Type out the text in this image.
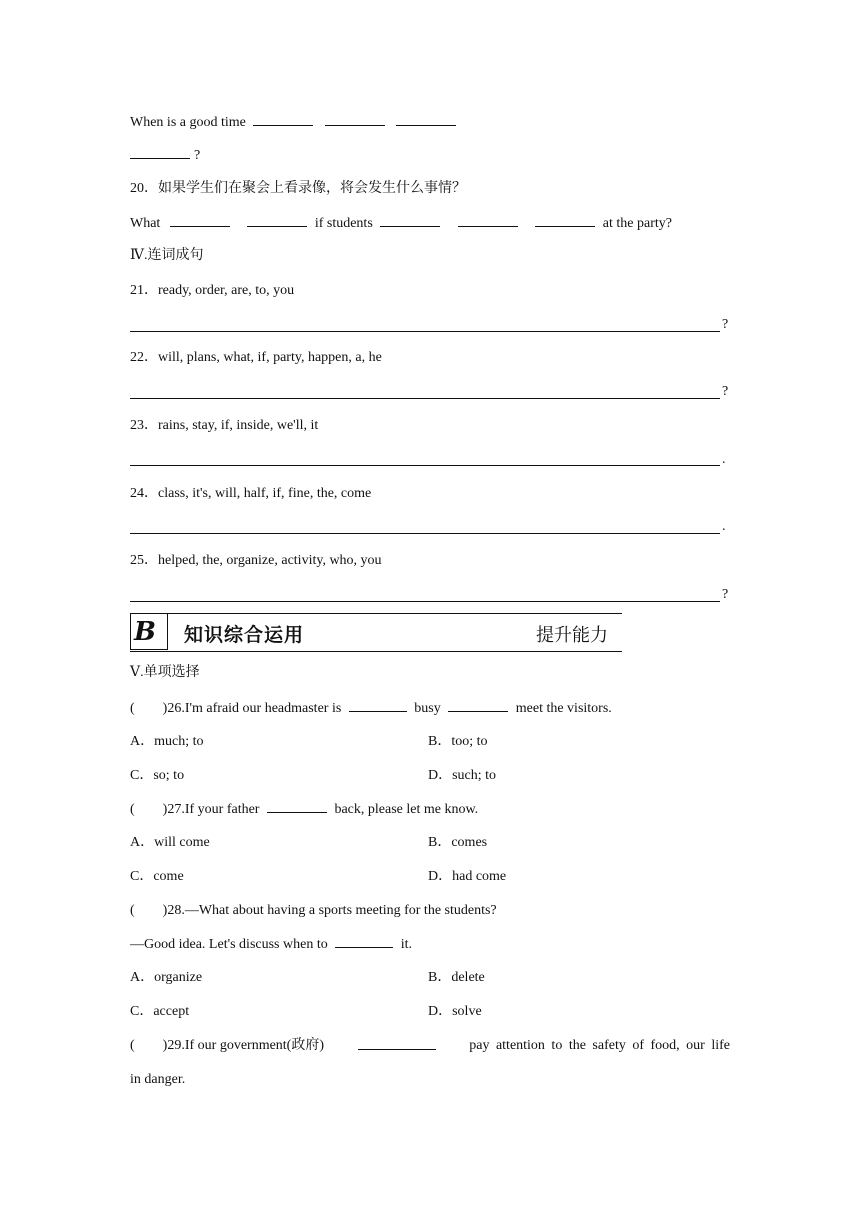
When is a good time
?
20．如果学生们在聚会上看录像，将会发生什么事情？
What	if students	at the party?
Ⅳ.连词成句
21．ready, order, are, to, you
?
22．will, plans, what, if, party, happen, a, he
?
23．rains, stay, if, inside, we'll, it
.
24．class, it's, will, half, if, fine, the, come
.
25．helped, the, organize, activity, who, you
?
B 知识综合运用	提升能力
Ⅴ.单项选择
(        )26.I'm afraid our headmaster is	busy	meet the visitors.
A．much; to	B．too; to
C．so; to	D．such; to
(        )27.If your father	back, please let me know.
A．will come	B．comes
C．come	D．had come
(        )28.—What about having a sports meeting for the students?
—Good idea. Let's discuss when to	it.
A．organize	B．delete
C．accept	D．solve
(        )29.If our government(政府)	pay attention to the safety of food, our life
in danger.
